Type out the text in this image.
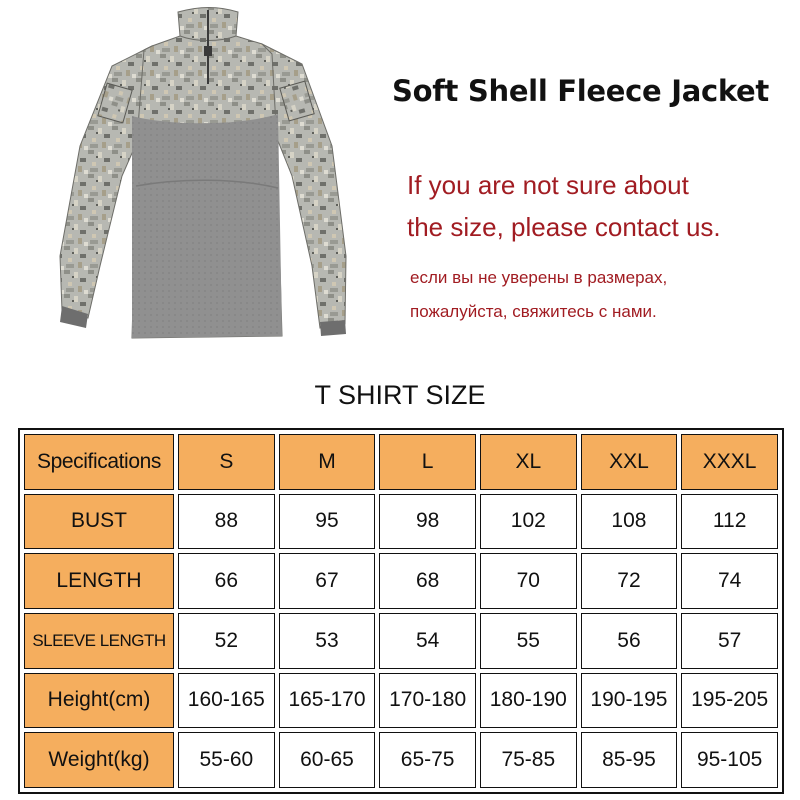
Soft Shell Fleece Jacket
If you are not sure about
the size, please contact us.
если вы не уверены в размерах,
пожалуйста, свяжитесь с нами.
T SHIRT SIZE
Specifications	S	M	L	XL	XXL	XXXL
BUST	88	95	98	102	108	112
LENGTH	66	67	68	70	72	74
SLEEVE LENGTH	52	53	54	55	56	57
Height(cm)	160-165	165-170	170-180	180-190	190-195	195-205
Weight(kg)	55-60	60-65	65-75	75-85	85-95	95-105
